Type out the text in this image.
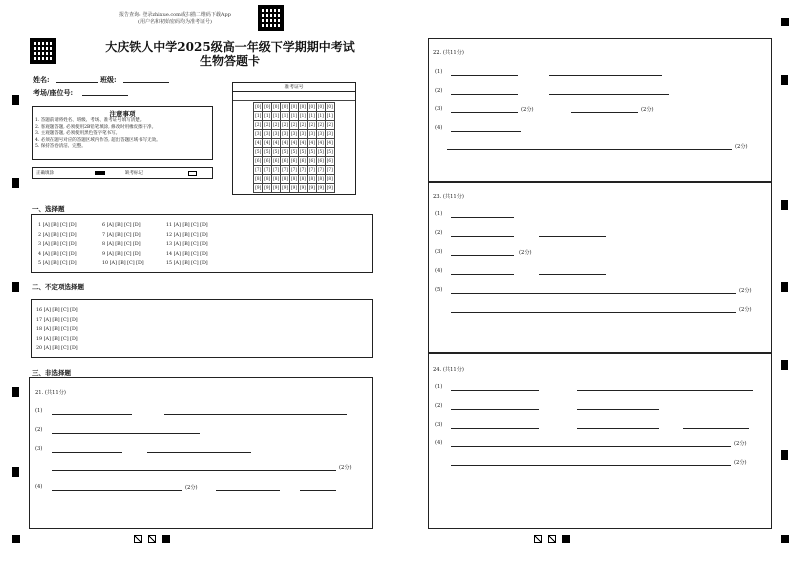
报告查询: 登录zhixue.com或扫描二维码下载App
(用户名和初始密码均为准考证号)
大庆铁人中学2025级高一年级下学期期中考试
生物答题卡
姓名:	班级:
考场/座位号:
注意事项
1. 答题前请将姓名、班级、考场、准考证号填写清楚。
2. 客观题答题, 必须使用2B铅笔填涂, 修改时用橡皮擦干净。
3. 主观题答题, 必须使用黑色签字笔书写。
4. 必须在题号对应的答题区域内作答, 超出答题区域书写无效。
5. 保持答卷清洁、完整。
正确填涂	缺考标记
准考证号
[0]	[0]	[0]	[0]	[0]	[0]	[0]	[0]	[0]
[1]	[1]	[1]	[1]	[1]	[1]	[1]	[1]	[1]
[2]	[2]	[2]	[2]	[2]	[2]	[2]	[2]	[2]
[3]	[3]	[3]	[3]	[3]	[3]	[3]	[3]	[3]
[4]	[4]	[4]	[4]	[4]	[4]	[4]	[4]	[4]
[5]	[5]	[5]	[5]	[5]	[5]	[5]	[5]	[5]
[6]	[6]	[6]	[6]	[6]	[6]	[6]	[6]	[6]
[7]	[7]	[7]	[7]	[7]	[7]	[7]	[7]	[7]
[8]	[8]	[8]	[8]	[8]	[8]	[8]	[8]	[8]
[9]	[9]	[9]	[9]	[9]	[9]	[9]	[9]	[9]
一、选择题
1 [A] [B] [C] [D]	6 [A] [B] [C] [D]	11 [A] [B] [C] [D]
2 [A] [B] [C] [D]	7 [A] [B] [C] [D]	12 [A] [B] [C] [D]
3 [A] [B] [C] [D]	8 [A] [B] [C] [D]	13 [A] [B] [C] [D]
4 [A] [B] [C] [D]	9 [A] [B] [C] [D]	14 [A] [B] [C] [D]
5 [A] [B] [C] [D]	10 [A] [B] [C] [D]	15 [A] [B] [C] [D]
二、不定项选择题
16 [A] [B] [C] [D]
17 [A] [B] [C] [D]
18 [A] [B] [C] [D]
19 [A] [B] [C] [D]
20 [A] [B] [C] [D]
三、非选择题
21. (共11分)
(1)
(2)
(3)
(2分)
(4)	(2分)
22. (共11分)
(1)
(2)
(3)	(2分)	(2分)
(4)
(2分)
23. (共11分)
(1)
(2)
(3)	(2分)
(4)
(5)	(2分)
(2分)
24. (共11分)
(1)
(2)
(3)
(4)	(2分)
(2分)
